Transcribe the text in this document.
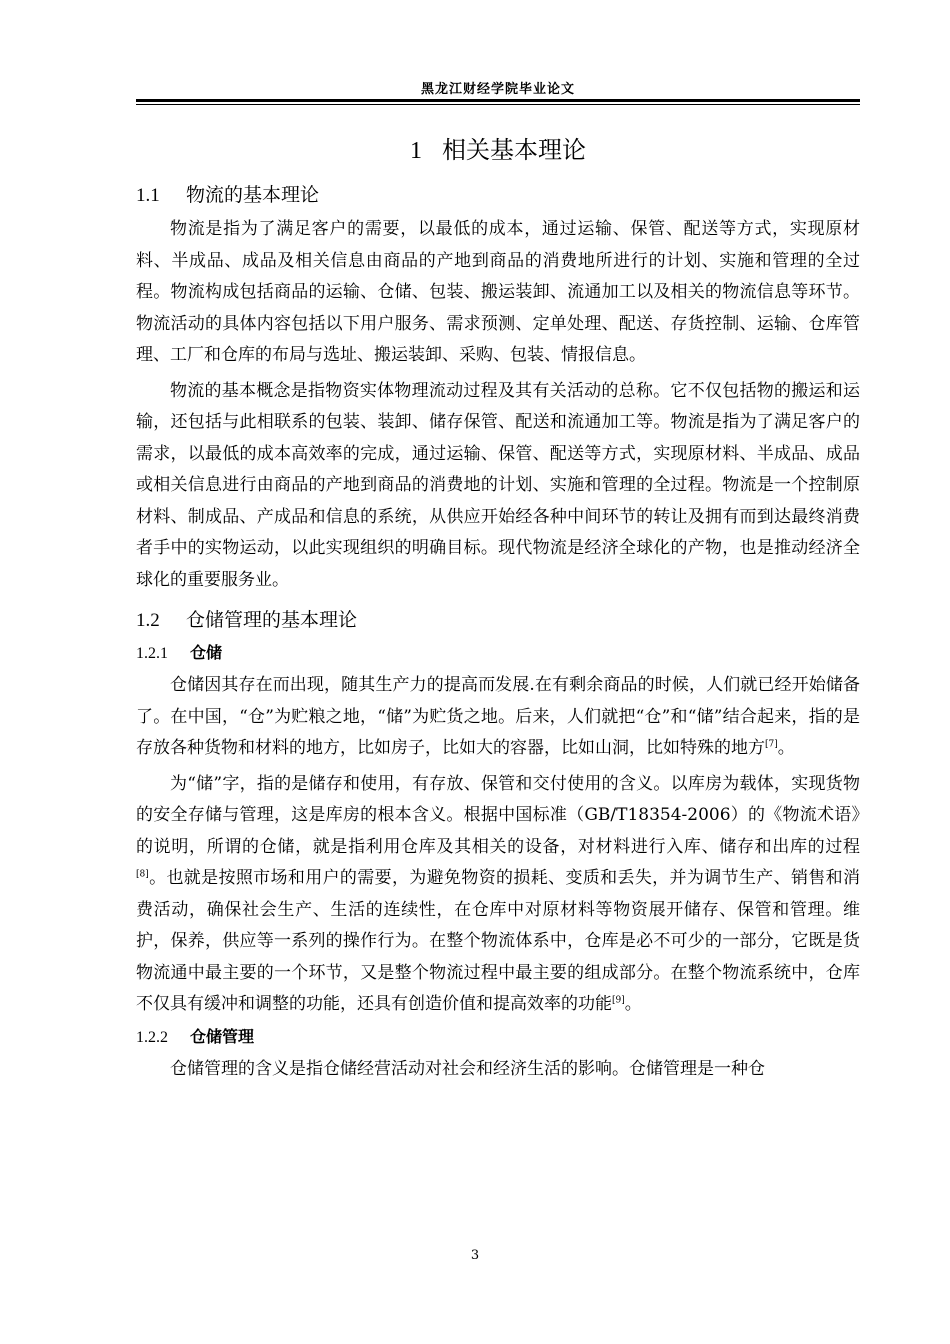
黑龙江财经学院毕业论文
1 相关基本理论
1.1 物流的基本理论

物流是指为了满足客户的需要，以最低的成本，通过运输、保管、配送等方式，实现原材料、半成品、成品及相关信息由商品的产地到商品的消费地所进行的计划、实施和管理的全过程。物流构成包括商品的运输、仓储、包装、搬运装卸、流通加工以及相关的物流信息等环节。物流活动的具体内容包括以下用户服务、需求预测、定单处理、配送、存货控制、运输、仓库管理、工厂和仓库的布局与选址、搬运装卸、采购、包装、情报信息。

物流的基本概念是指物资实体物理流动过程及其有关活动的总称。它不仅包括物的搬运和运输，还包括与此相联系的包装、装卸、储存保管、配送和流通加工等。物流是指为了满足客户的需求，以最低的成本高效率的完成，通过运输、保管、配送等方式，实现原材料、半成品、成品或相关信息进行由商品的产地到商品的消费地的计划、实施和管理的全过程。物流是一个控制原材料、制成品、产成品和信息的系统，从供应开始经各种中间环节的转让及拥有而到达最终消费者手中的实物运动，以此实现组织的明确目标。现代物流是经济全球化的产物，也是推动经济全球化的重要服务业。

1.2 仓储管理的基本理论
1.2.1 仓储

仓储因其存在而出现，随其生产力的提高而发展.在有剩余商品的时候，人们就已经开始储备了。在中国，“仓”为贮粮之地，“储”为贮货之地。后来，人们就把“仓”和“储”结合起来，指的是存放各种货物和材料的地方，比如房子，比如大的容器，比如山洞，比如特殊的地方[7]。

为“储”字，指的是储存和使用，有存放、保管和交付使用的含义。以库房为载体，实现货物的安全存储与管理，这是库房的根本含义。根据中国标准（GB/T18354-2006）的《物流术语》的说明，所谓的仓储，就是指利用仓库及其相关的设备，对材料进行入库、储存和出库的过程[8]。也就是按照市场和用户的需要，为避免物资的损耗、变质和丢失，并为调节生产、销售和消费活动，确保社会生产、生活的连续性，在仓库中对原材料等物资展开储存、保管和管理。维护，保养，供应等一系列的操作行为。在整个物流体系中，仓库是必不可少的一部分，它既是货物流通中最主要的一个环节，又是整个物流过程中最主要的组成部分。在整个物流系统中，仓库不仅具有缓冲和调整的功能，还具有创造价值和提高效率的功能[9]。

1.2.2 仓储管理

仓储管理的含义是指仓储经营活动对社会和经济生活的影响。仓储管理是一种仓

3
